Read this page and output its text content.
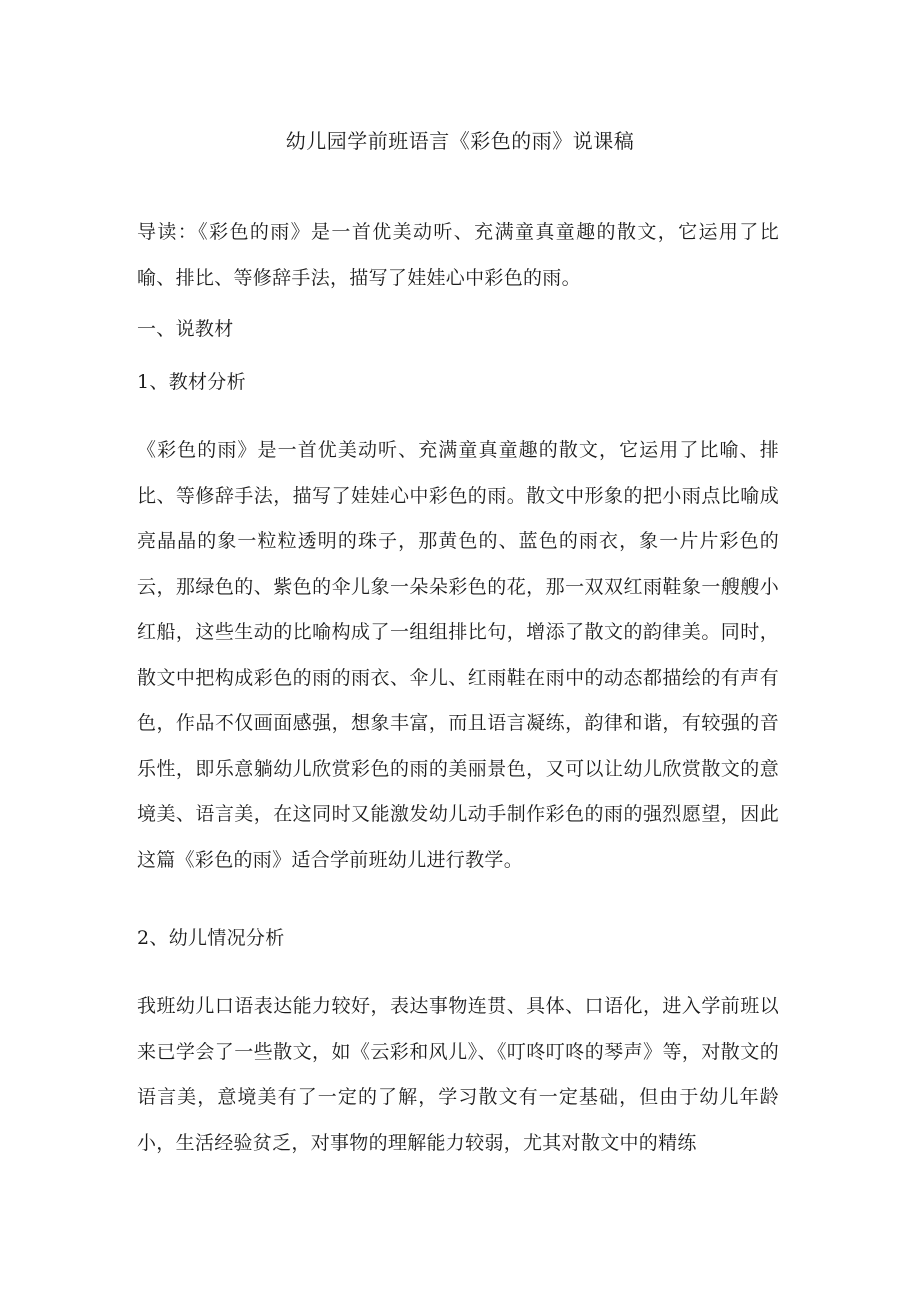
幼儿园学前班语言《彩色的雨》说课稿
导读：《彩色的雨》是一首优美动听、充满童真童趣的散文，它运用了比喻、排比、等修辞手法，描写了娃娃心中彩色的雨。
一、说教材
1、教材分析
《彩色的雨》是一首优美动听、充满童真童趣的散文，它运用了比喻、排比、等修辞手法，描写了娃娃心中彩色的雨。散文中形象的把小雨点比喻成亮晶晶的象一粒粒透明的珠子，那黄色的、蓝色的雨衣，象一片片彩色的云，那绿色的、紫色的伞儿象一朵朵彩色的花，那一双双红雨鞋象一艘艘小红船，这些生动的比喻构成了一组组排比句，增添了散文的韵律美。同时，散文中把构成彩色的雨的雨衣、伞儿、红雨鞋在雨中的动态都描绘的有声有色，作品不仅画面感强，想象丰富，而且语言凝练，韵律和谐，有较强的音乐性，即乐意躺幼儿欣赏彩色的雨的美丽景色，又可以让幼儿欣赏散文的意境美、语言美，在这同时又能激发幼儿动手制作彩色的雨的强烈愿望，因此这篇《彩色的雨》适合学前班幼儿进行教学。
2、幼儿情况分析
我班幼儿口语表达能力较好，表达事物连贯、具体、口语化，进入学前班以来已学会了一些散文，如《云彩和风儿》、《叮咚叮咚的琴声》等，对散文的语言美，意境美有了一定的了解，学习散文有一定基础，但由于幼儿年龄小，生活经验贫乏，对事物的理解能力较弱，尤其对散文中的精练
